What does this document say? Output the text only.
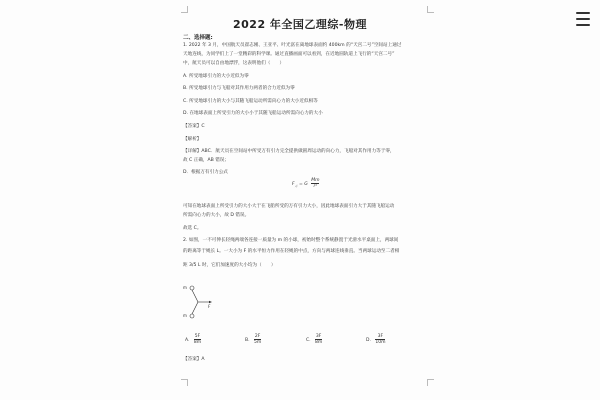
2022 年全国乙理综-物理
二、选择题:
1. 2022 年 3 月，中国航天员翟志刚、王亚平、叶光富在离地球表面约 400km 的“天宫二号”空间站上通过
天地连线，为同学们上了一堂精彩的科学课。通过直播画面可以看到，在近地圆轨道上飞行的“天宫二号”
中，航天员可以自由地漂浮，这表明他们（　　）
A. 所受地球引力的大小近似为零
B. 所受地球引力与飞船对其作用力两者的合力近似为零
C. 所受地球引力的大小与其随飞船运动所需向心力的大小近似相等
D. 在地球表面上所受引力的大小小于其随飞船运动所需向心力的大小
【答案】C
【解析】
【详解】ABC．航天员在空间站中所受万有引力完全提供做圆周运动的向心力，飞船对其作用力等于零，
故 C 正确，AB 错误；
D．根据万有引力公式
$F_万 = G \frac{Mm}{\text{r²}}$
可知在地球表面上所受引力的大小大于在飞船所受的万有引力大小，因此地球表面引力大于其随飞船运动
所需向心力的大小，故 D 错误。
故选 C。
2. 如图，一不可伸长轻绳两端各连接一质量为 m 的小球，初始时整个系统静置于光滑水平桌面上，两球间
的距离等于绳长 L。一大小为 F 的水平恒力作用在轻绳的中点，方向与两球连线垂直。当两球运动至二者相
距 3/5 L 时，它们加速度的大小均为（　　）
m
m
F
A. $\frac{5F}{8m}$	B. $\frac{2F}{5m}$	C. $\frac{3F}{8m}$	D. $\frac{3F}{10m}$
【答案】A
